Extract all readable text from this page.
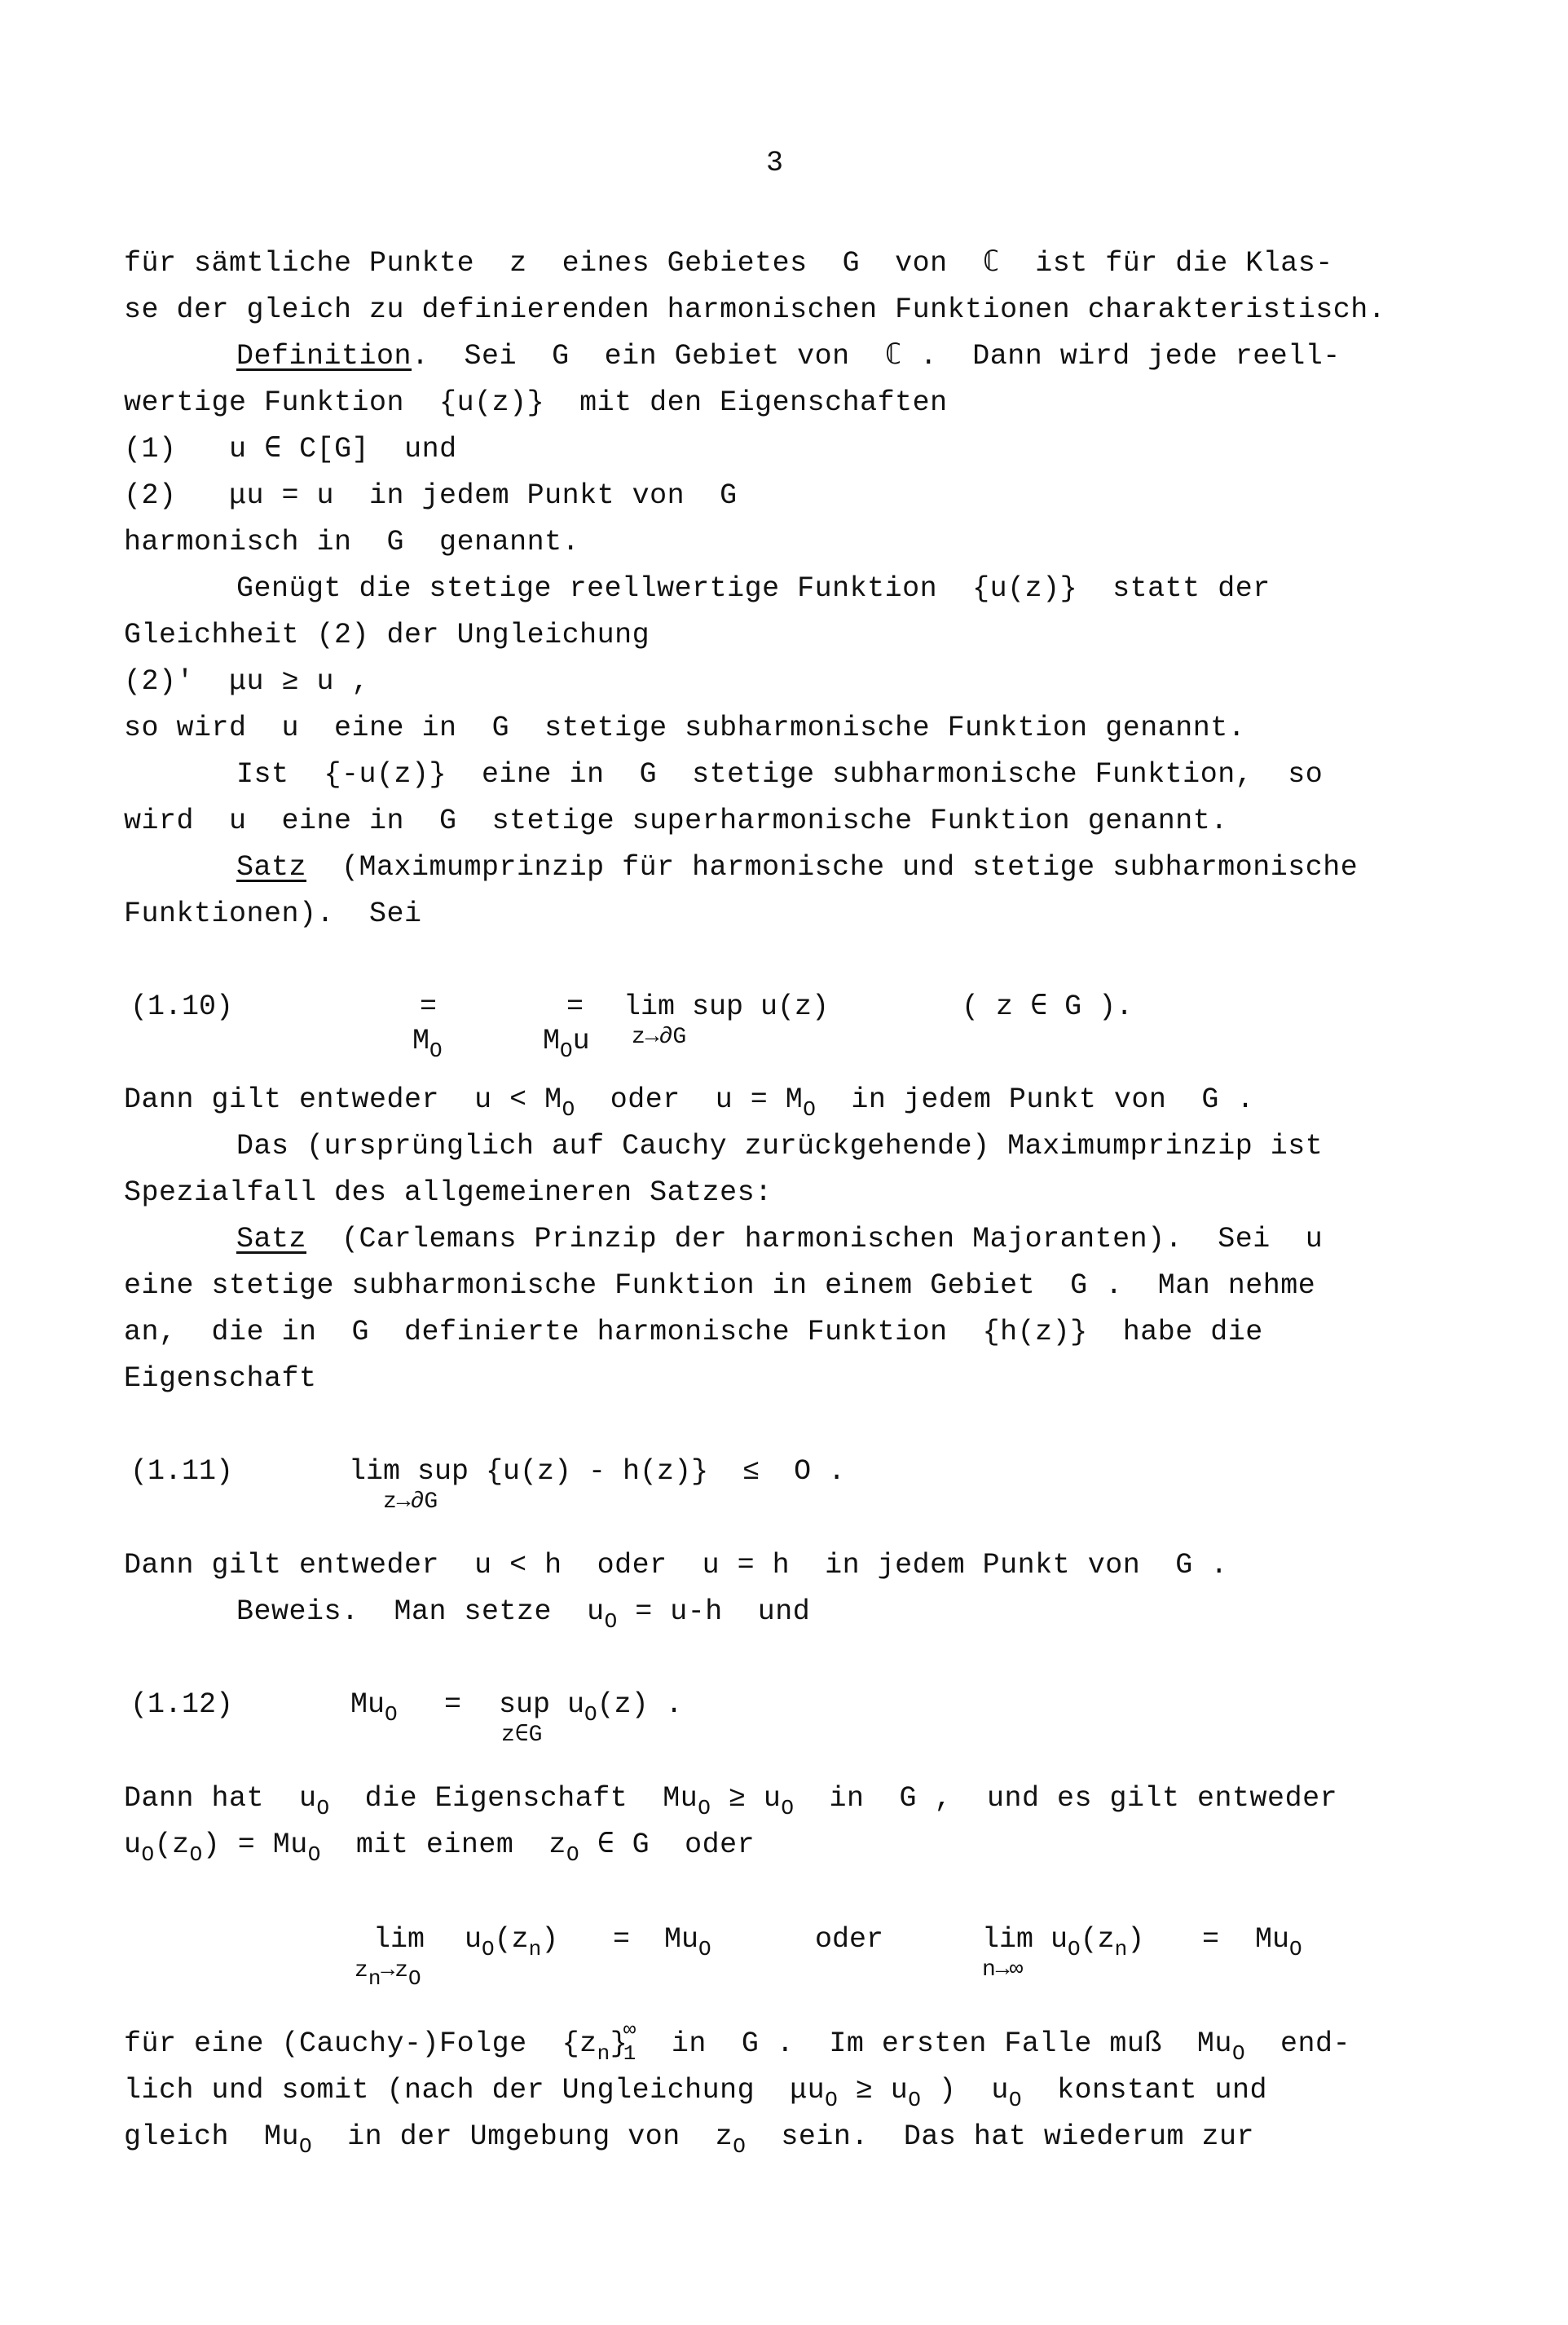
3
für sämtliche Punkte  z  eines Gebietes  G  von  ℂ  ist für die Klas-
se der gleich zu definierenden harmonischen Funktionen charakteristisch.
Definition.  Sei  G  ein Gebiet von  ℂ .  Dann wird jede reell-
wertige Funktion  {u(z)}  mit den Eigenschaften
(1)   u ∈ C[G]  und
(2)   μu = u  in jedem Punkt von  G
harmonisch in  G  genannt.
Genügt die stetige reellwertige Funktion  {u(z)}  statt der
Gleichheit (2) der Ungleichung
(2)'  μu ≥ u ,
so wird  u  eine in  G  stetige subharmonische Funktion genannt.
Ist  {-u(z)}  eine in  G  stetige subharmonische Funktion,  so
wird  u  eine in  G  stetige superharmonische Funktion genannt.
Satz  (Maximumprinzip für harmonische und stetige subharmonische
Funktionen).  Sei
(1.10)

$M_O$

=

$M_Ou$

= lim sup u(z)
z→∂G
( z ∈ G ).
Dann gilt entweder  $u < M_O$  oder  $u = M_O$  in jedem Punkt von  G .
Das (ursprünglich auf Cauchy zurückgehende) Maximumprinzip ist
Spezialfall des allgemeineren Satzes:
Satz  (Carlemans Prinzip der harmonischen Majoranten).  Sei  u
eine stetige subharmonische Funktion in einem Gebiet  G .  Man nehme
an,  die in  G  definierte harmonische Funktion  {h(z)}  habe die
Eigenschaft
(1.11)	lim sup {u(z) - h(z)}  ≤  O .
z→∂G
Dann gilt entweder  u < h  oder  u = h  in jedem Punkt von  G .
Beweis.  Man setze  $u_O = u-h$  und
(1.12)	$Mu_O$ = sup $u_O(z)$ .
z∈G
Dann hat  $u_O$  die Eigenschaft  $Mu_O \ge u_O$  in  G ,  und es gilt entweder
$u_O(z_O) = Mu_O$  mit einem  $z_O$ ∈ G  oder
lim
zn→zO
$u_O(z_n) = Mu_O$	oder	$\lim u_O(z_n)$
n→∞
= $Mu_O$
für eine (Cauchy-)Folge  $\{z_n\}$
∞
$_1$  in  G .  Im ersten Falle muß  $Mu_O$  end-
lich und somit (nach der Ungleichung  $\mu u_O \ge u_O$ )  $u_O$  konstant und
gleich  $Mu_O$  in der Umgebung von  $z_O$  sein.  Das hat wiederum zur
